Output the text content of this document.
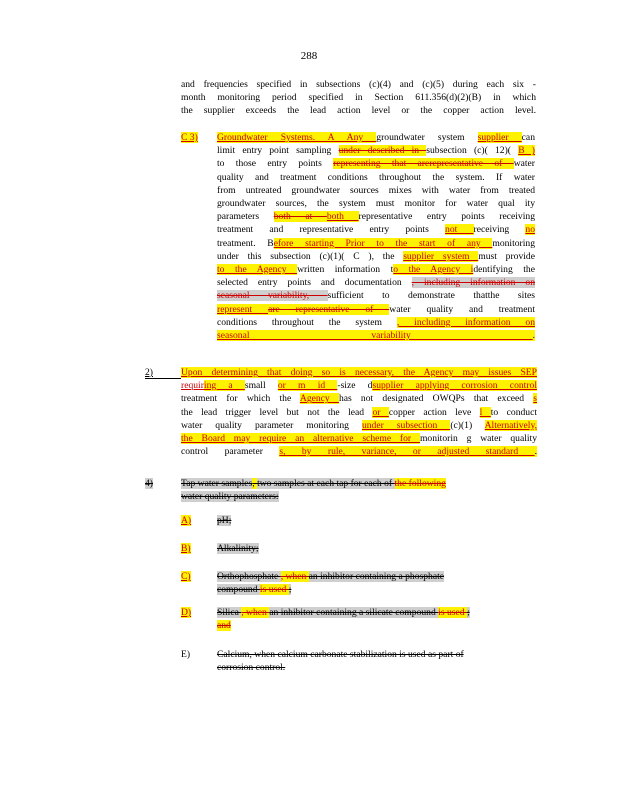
288
and frequencies specified in subsections (c)(4) and (c)(5) during each six -
month monitoring period specified in Section 611.356(d)(2)(B) in which
the supplier exceeds the lead action level or the copper action level.
C 3) Groundwater Systems. A Any groundwater system supplier can
limit entry point sampling under described in subsection (c)( 12)( B )
to those entry points representing that arerepresentative of water
quality and treatment conditions throughout the system. If water
from untreated groundwater sources mixes with water from treated
groundwater sources, the system must monitor for water qual ity
parameters both at both representative entry points receiving
treatment and representative entry points not receiving no
treatment. Before starting Prior to the start of any monitoring
under this subsection (c)(1)( C ), the supplier system must provide
to the Agency written information to the Agency identifying the
selected entry points and documentation , including information on
seasonal variability, sufficient to demonstrate thatthe sites
represent are representative of water quality and treatment
conditions throughout the system , including information on
seasonal variability .
2)	Upon determining that doing so is necessary, the Agency may issues SEP
requiring a small or m id -size dsupplier applying corrosion control
treatment for which the Agency has not designated OWQPs that exceed s
the lead trigger level but not the lead or copper action leve l to conduct
water quality parameter monitoring under subsection (c)(1) Alternatively,
the Board may require an alternative scheme for monitorin g water quality
control parameter s, by rule, variance, or adjusted standard .
4)	Tap water samples, two samples at each tap for each of the following
water quality parameters:
A)	pH;
B)	Alkalinity;
C)	Orthophosphate , when an inhibitor containing a phosphate
compound is used ;
D)	Silica , when an inhibitor containing a silicate compound is used ;
and
E)	Calcium, when calcium carbonate stabilization is used as part of
corrosion control.
